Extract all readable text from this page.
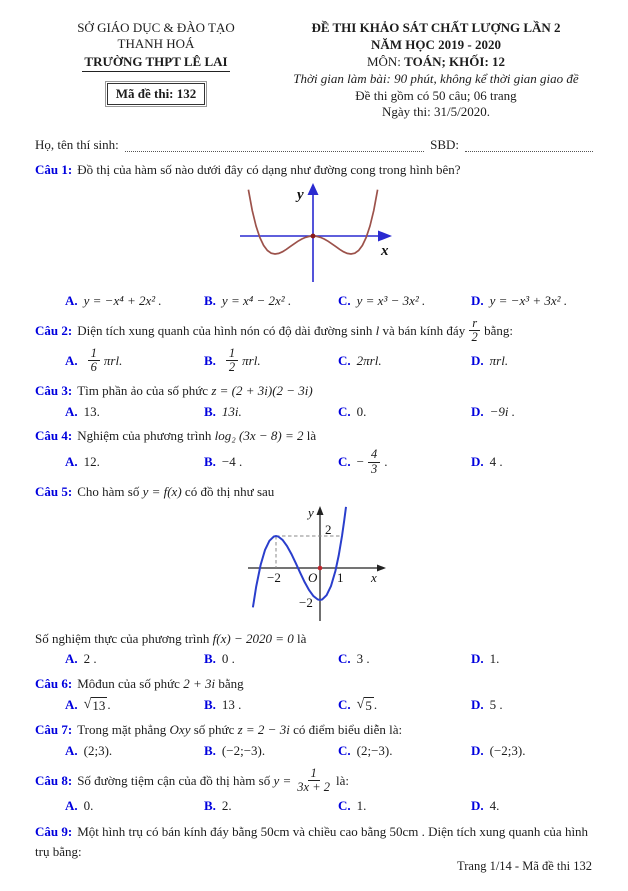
SỞ GIÁO DỤC & ĐÀO TẠO
THANH HOÁ
TRƯỜNG THPT LÊ LAI
Mã đề thi: 132
ĐỀ THI KHẢO SÁT CHẤT LƯỢNG LẦN 2
NĂM HỌC 2019 - 2020
MÔN: TOÁN; KHỐI: 12
Thời gian làm bài: 90 phút, không kể thời gian giao đề
Đề thi gồm có 50 câu; 06 trang
Ngày thi: 31/5/2020.
Họ, tên thí sinh:	SBD:
Câu 1: Đồ thị của hàm số nào dưới đây có dạng như đường cong trong hình bên?
y
x
A. y = −x⁴ + 2x² .	B. y = x⁴ − 2x² .	C. y = x³ − 3x² .	D. y = −x³ + 3x² .
Câu 2: Diện tích xung quanh của hình nón có độ dài đường sinh
l
và bán kính đáy $\frac{r}{2}$ bằng:
A. $\frac{1}{6} \pi rl$.	B. $\frac{1}{2} \pi rl$.	C. 2πrl.	D. πrl.
Câu 3: Tìm phần ảo của số phức z = (2 + 3i)(2 − 3i)
A. 13.	B. 13i.	C. 0.	D. −9i .
Câu 4: Nghiệm của phương trình log₂ (3x − 8) = 2 là
A. 12.	B. −4 .	C. − $\frac{4}{3}$ .	D. 4 .
Câu 5: Cho hàm số y = f(x) có đồ thị như sau
y
2
−2 O 1 x
−2
Số nghiệm thực của phương trình f(x) − 2020 = 0 là
A. 2 .	B. 0 .	C. 3 .	D. 1.
Câu 6: Môđun của số phức 2 + 3i bằng
A. √ 13 .	B. 13 .	C. √ 5 .	D. 5 .
Câu 7: Trong mặt phẳng Oxy số phức z = 2 − 3i có điểm biểu diễn là:
A. (2;3).	B. (−2;−3).	C. (2;−3).	D. (−2;3).
Câu 8: Số đường tiệm cận của đồ thị hàm số
$y = \frac{1}{3x + 2}$ là:
A. 0.	B. 2.	C. 1.	D. 4.
Câu 9: Một hình trụ có bán kính đáy bằng 50cm và chiều cao bằng 50cm . Diện tích xung quanh của hình trụ bằng:
Trang 1/14 - Mã đề thi 132
